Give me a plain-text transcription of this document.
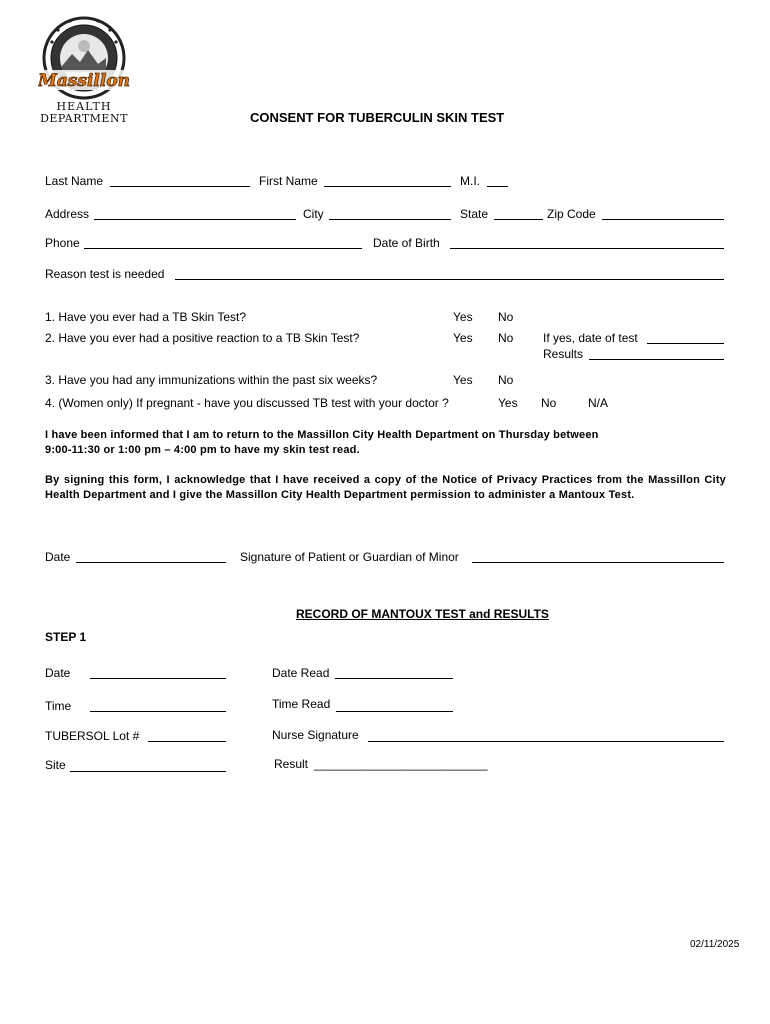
Massillon
HEALTH
DEPARTMENT	CONSENT FOR TUBERCULIN SKIN TEST
Last Name	First Name	M.I.
Address	City	State	Zip Code
Phone	Date of Birth
Reason test is needed
1. Have you ever had a TB Skin Test?	Yes No
2. Have you ever had a positive reaction to a TB Skin Test?	Yes No If yes, date of test
Results
3. Have you had any immunizations within the past six weeks?	Yes No
4. (Women only) If pregnant - have you discussed TB test with your doctor ?	Yes No	N/A
I have been informed that I am to return to the Massillon City Health Department on Thursday between
9:00-11:30 or 1:00 pm – 4:00 pm to have my skin test read.
By signing this form, I acknowledge that I have received a copy of the Notice of Privacy Practices from the Massillon City Health Department and I give the Massillon City Health Department permission to administer a Mantoux Test.
Date	Signature of Patient or Guardian of Minor
RECORD OF MANTOUX TEST and RESULTS
STEP 1
Date	Date Read
Time	Time Read
TUBERSOL Lot #	Nurse Signature
Site	Result __________________________
02/11/2025
